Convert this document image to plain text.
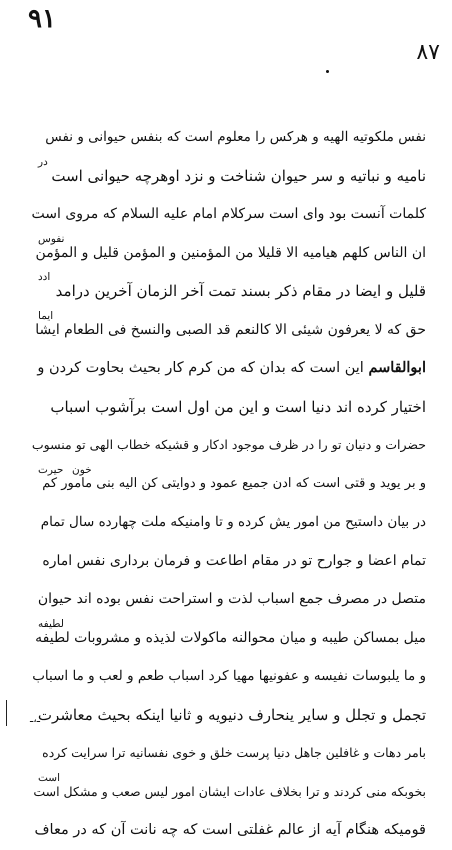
۹۱
۸۷
نفس ملکوتیه الهیه و هرکس را معلوم است که بنفس حیوانی و نفس
نامیه و نباتیه و سر حیوان شناخت و نزد اوهرچه حیوانی است
در
کلمات آنست بود وای است سرکلام امام علیه السلام که مروی است
ان الناس کلهم هیامیه الا قلیلا من المؤمنین و المؤمن قلیل و المؤمن
نفوس
قلیل و ایضا در مقام ذکر بسند تمت آخر الزمان آخرین درامد
ادد
حق که لا یعرفون شیئی الا کالنعم قد الصبی والنسخ فی الطعام ایشا
ایما
ابوالقاسم این است که بدان که من کرم کار بحیث بحاوت کردن و
اختیار کرده اند دنیا است و این من اول است برآشوب اسباب
حضرات و دنیان تو را در ظرف موجود ادکار و قشیکه خطاب الهی تو منسوب
و بر یوید و قتی است که ادن جمیع عمود و دوایتی کن الیه بنی مامور کم
حیرت خون
در بیان داستیح من امور یش کرده و تا وامنیکه ملت چهارده سال تمام
تمام اعضا و جوارح تو در مقام اطاعت و فرمان برداری نفس اماره
متصل در مصرف جمع اسباب لذت و استراحت نفس بوده اند حیوان
میل بمساکن طیبه و میان محوالنه ماکولات لذیذه و مشروبات لطیفه
لطیفه
و ما یلبوسات نفیسه و عفونیها مهیا کرد اسباب طعم و لعب و ما اسباب
تجمل و تجلل و سایر ینحارف دنیویه و ثانیا اینکه بحیث معاشرت
بامر دهات و غافلین جاهل دنیا پرست خلق و خوی نفسانیه ترا سرایت کرده
بخوبکه منی کردند و ترا بخلاف عادات ایشان امور لیس صعب و مشکل است
است
قومیکه هنگام آیه از عالم غفلتی است که چه نانت آن که در معاف
ـ،ـ
